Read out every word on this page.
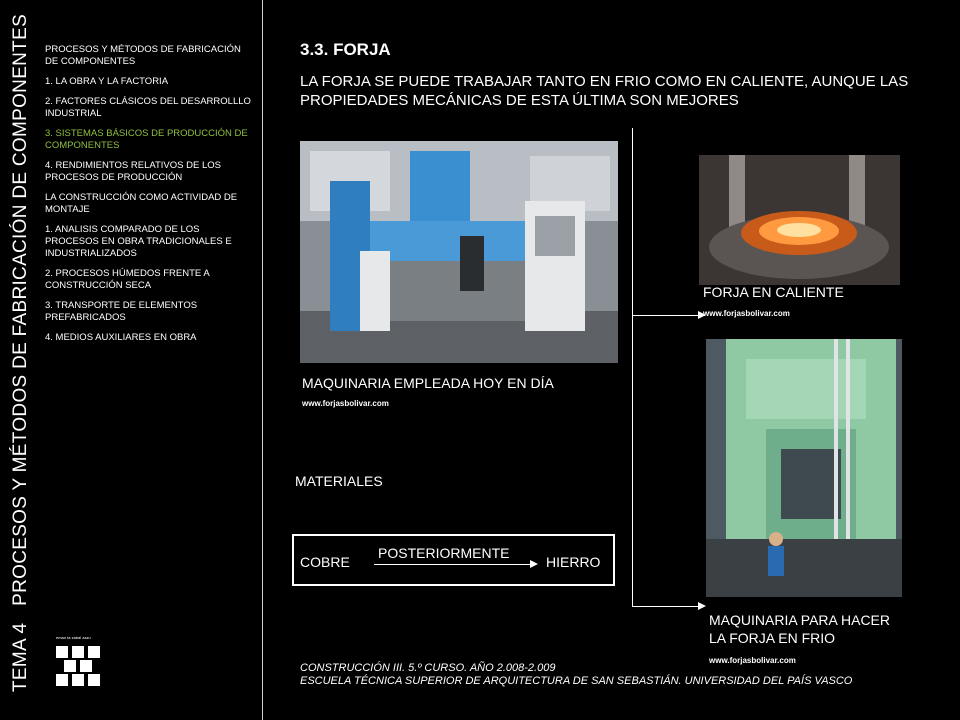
TEMA 4   PROCESOS Y MÉTODOS DE FABRICACIÓN DE COMPONENTES PROCESOS Y MÉTODOS DE FABRICACIÓN DE COMPONENTES
1. LA OBRA Y LA FACTORIA
2. FACTORES CLÁSICOS DEL DESARROLLLO INDUSTRIAL
3. SISTEMAS BÁSICOS DE PRODUCCIÓN DE COMPONENTES
4. RENDIMIENTOS RELATIVOS DE LOS PROCESOS DE PRODUCCIÓN
LA CONSTRUCCIÓN COMO ACTIVIDAD DE MONTAJE
1. ANALISIS COMPARADO DE LOS PROCESOS EN OBRA TRADICIONALES E INDUSTRIALIZADOS
2. PROCESOS HÚMEDOS FRENTE A CONSTRUCCIÓN SECA
3. TRANSPORTE DE ELEMENTOS PREFABRICADOS
4. MEDIOS AUXILIARES EN OBRA
eman ta zabal zazu
3.3. FORJA
LA FORJA SE PUEDE TRABAJAR TANTO EN FRIO COMO EN CALIENTE, AUNQUE LAS PROPIEDADES MECÁNICAS DE ESTA ÚLTIMA SON MEJORES
MAQUINARIA EMPLEADA HOY EN DÍA
www.forjasbolivar.com
FORJA EN CALIENTE
www.forjasbolivar.com
MAQUINARIA PARA HACER
LA FORJA EN FRIO
www.forjasbolivar.com
MATERIALES
COBRE
POSTERIORMENTE
HIERRO
CONSTRUCCIÓN III. 5.º CURSO. AÑO 2.008-2.009
ESCUELA TÉCNICA SUPERIOR DE ARQUITECTURA DE SAN SEBASTIÁN. UNIVERSIDAD DEL PAÍS VASCO
